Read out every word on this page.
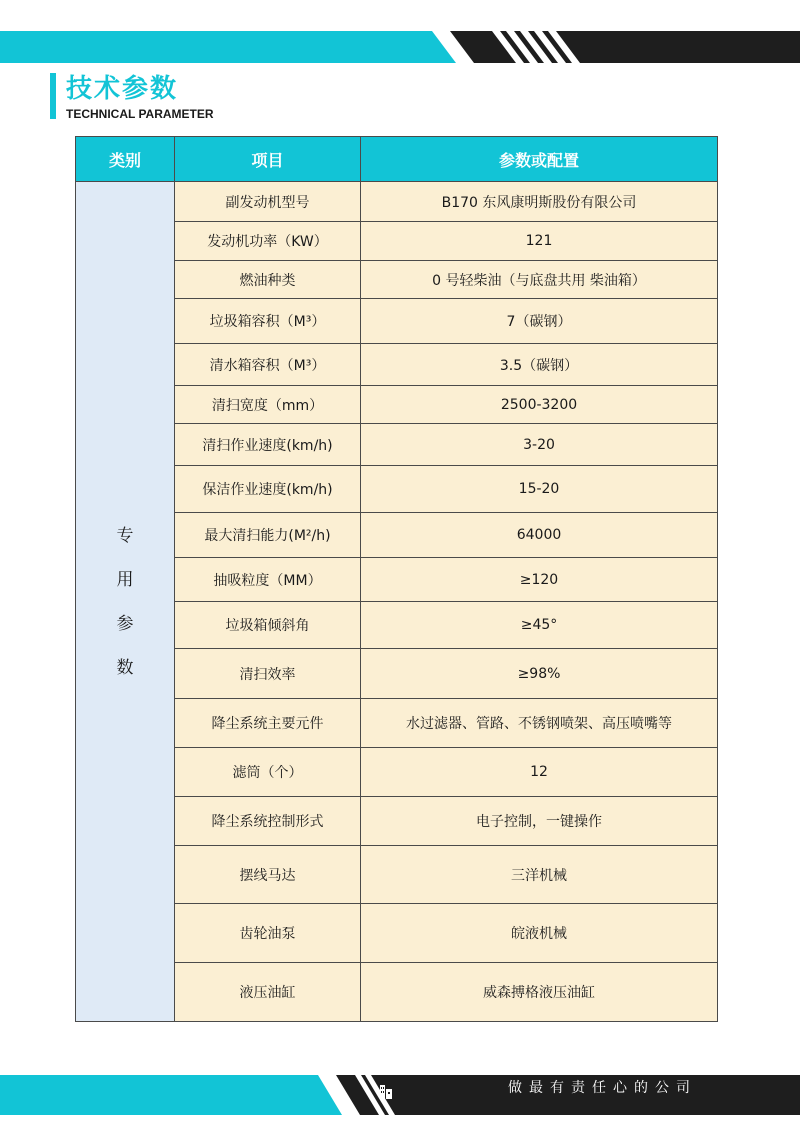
技术参数
TECHNICAL PARAMETER
类别	项目	参数或配置

专
用
参
数	副发动机型号	B170 东风康明斯股份有限公司
	发动机功率（KW）	121
	燃油种类	0 号轻柴油（与底盘共用 柴油箱）
	垃圾箱容积（M³）	7（碳钢）
	清水箱容积（M³）	3.5（碳钢）
	清扫宽度（mm）	2500-3200
	清扫作业速度(km/h)	3-20
	保洁作业速度(km/h)	15-20
	最大清扫能力(M²/h)	64000
	抽吸粒度（MM）	≥120
	垃圾箱倾斜角	≥45°
	清扫效率	≥98%
	降尘系统主要元件	水过滤器、管路、不锈钢喷架、高压喷嘴等
	滤筒（个）	12
	降尘系统控制形式	电子控制，一键操作
	摆线马达	三洋机械
	齿轮油泵	皖液机械
	液压油缸	威森搏格液压油缸
做最有责任心的公司
